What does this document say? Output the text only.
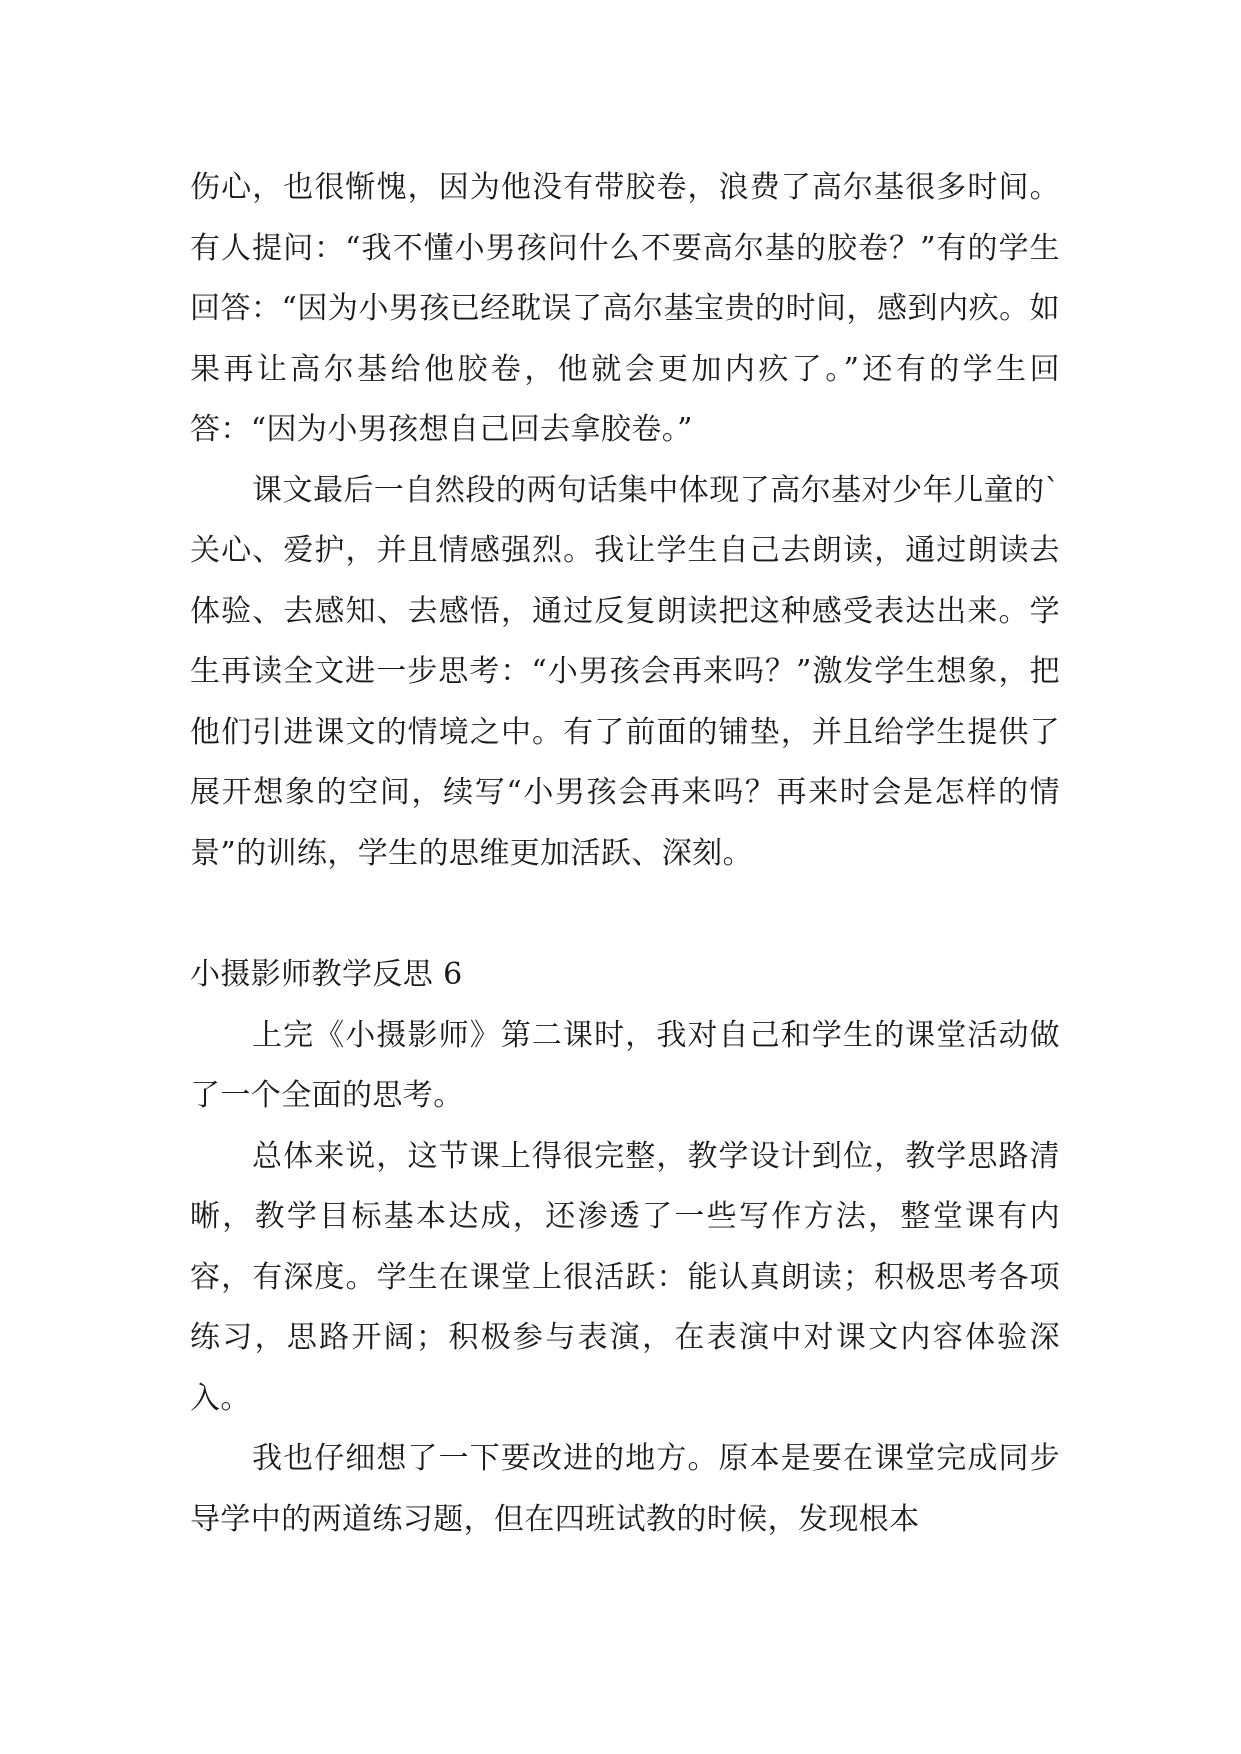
伤心，也很惭愧，因为他没有带胶卷，浪费了高尔基很多时间。有人提问：“我不懂小男孩问什么不要高尔基的胶卷？”有的学生回答：“因为小男孩已经耽误了高尔基宝贵的时间，感到内疚。如果再让高尔基给他胶卷，他就会更加内疚了。”还有的学生回答：“因为小男孩想自己回去拿胶卷。”

课文最后一自然段的两句话集中体现了高尔基对少年儿童的`关心、爱护，并且情感强烈。我让学生自己去朗读，通过朗读去体验、去感知、去感悟，通过反复朗读把这种感受表达出来。学生再读全文进一步思考：“小男孩会再来吗？”激发学生想象，把他们引进课文的情境之中。有了前面的铺垫，并且给学生提供了展开想象的空间，续写“小男孩会再来吗？再来时会是怎样的情景”的训练，学生的思维更加活跃、深刻。

小摄影师教学反思 6

上完《小摄影师》第二课时，我对自己和学生的课堂活动做了一个全面的思考。

总体来说，这节课上得很完整，教学设计到位，教学思路清晰，教学目标基本达成，还渗透了一些写作方法，整堂课有内容，有深度。学生在课堂上很活跃：能认真朗读；积极思考各项练习，思路开阔；积极参与表演，在表演中对课文内容体验深入。

我也仔细想了一下要改进的地方。原本是要在课堂完成同步导学中的两道练习题，但在四班试教的时候，发现根本
